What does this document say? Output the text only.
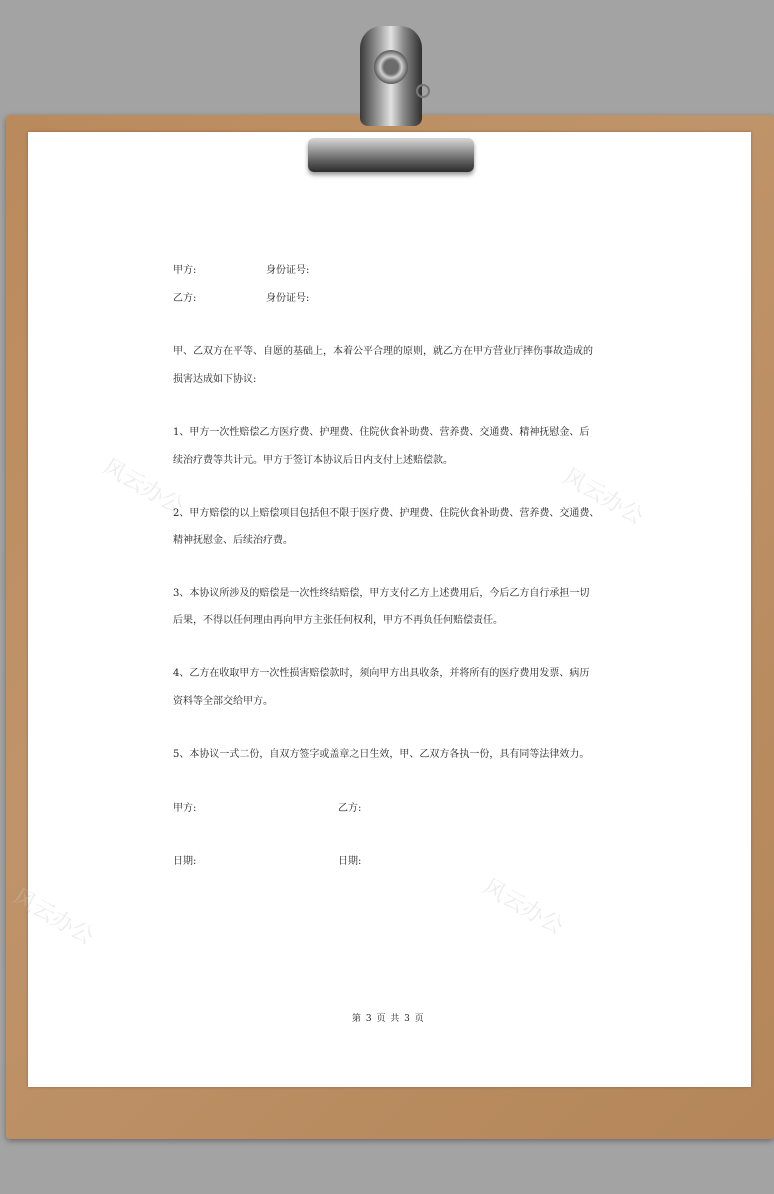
风云办公	风云办公
风云办公	风云办公
甲方:	身份证号:
乙方:	身份证号:
甲、乙双方在平等、自愿的基础上，本着公平合理的原则，就乙方在甲方营业厅摔伤事故造成的
损害达成如下协议:
1、甲方一次性赔偿乙方医疗费、护理费、住院伙食补助费、营养费、交通费、精神抚慰金、后
续治疗费等共计元。甲方于签订本协议后日内支付上述赔偿款。
2、甲方赔偿的以上赔偿项目包括但不限于医疗费、护理费、住院伙食补助费、营养费、交通费、
精神抚慰金、后续治疗费。
3、本协议所涉及的赔偿是一次性终结赔偿，甲方支付乙方上述费用后，今后乙方自行承担一切
后果，不得以任何理由再向甲方主张任何权利，甲方不再负任何赔偿责任。
4、乙方在收取甲方一次性损害赔偿款时，须向甲方出具收条，并将所有的医疗费用发票、病历
资料等全部交给甲方。
5、本协议一式二份，自双方签字或盖章之日生效，甲、乙双方各执一份，具有同等法律效力。
甲方:	乙方:
日期:	日期:
第 3 页 共 3 页
